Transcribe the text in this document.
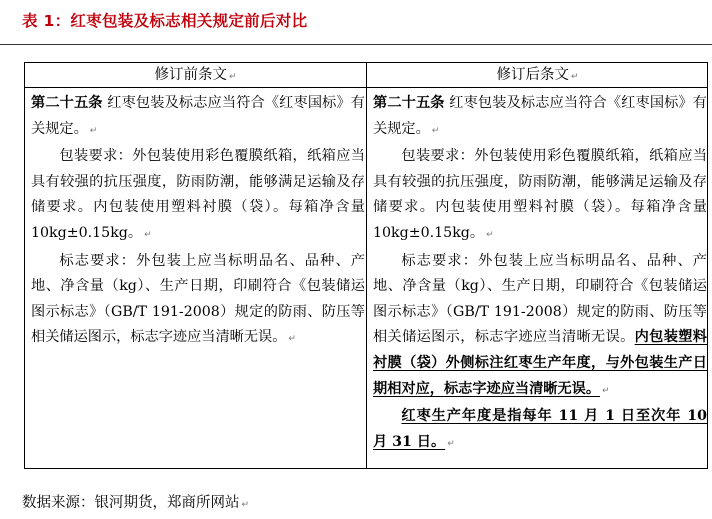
表 1：红枣包装及标志相关规定前后对比
修订前条文 ↵	修订后条文 ↵

第二十五条 红枣包装及标志应当符合《红枣国标》有关规定。 ↵

包装要求：外包装使用彩色覆膜纸箱，纸箱应当具有较强的抗压强度，防雨防潮，能够满足运输及存储要求。内包装使用塑料衬膜（袋）。每箱净含量 10kg±0.15kg。 ↵

标志要求：外包装上应当标明品名、品种、产地、净含量（kg）、生产日期，印刷符合《包装储运图示标志》（GB/T 191-2008）规定的防雨、防压等相关储运图示，标志字迹应当清晰无误。 ↵

第二十五条 红枣包装及标志应当符合《红枣国标》有关规定。 ↵

包装要求：外包装使用彩色覆膜纸箱，纸箱应当具有较强的抗压强度，防雨防潮，能够满足运输及存储要求。内包装使用塑料衬膜（袋）。每箱净含量 10kg±0.15kg。 ↵

标志要求：外包装上应当标明品名、品种、产地、净含量（kg）、生产日期，印刷符合《包装储运图示标志》（GB/T 191-2008）规定的防雨、防压等相关储运图示，标志字迹应当清晰无误。内包装塑料衬膜（袋）外侧标注红枣生产年度，与外包装生产日期相对应，标志字迹应当清晰无误。 ↵

红枣生产年度是指每年 11 月 1 日至次年 10 月 31 日。 ↵

数据来源：银河期货，郑商所网站 ↵
